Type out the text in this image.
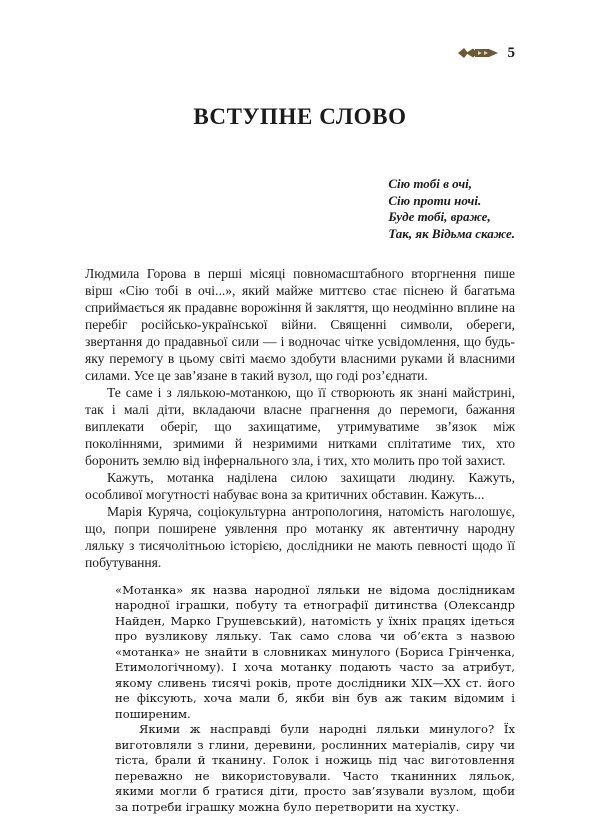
5
ВСТУПНЕ СЛОВО
Сію тобі в очі,
Сію проти ночі.
Буде тобі, враже,
Так, як Відьма скаже.

Людмила Горова в перші місяці повномасштабного вторгнення пише вірш «Сію тобі в очі...», який майже миттєво стає піснею й багатьма сприймається як прадавнє ворожіння й закляття, що неодмінно вплине на перебіг російсько-української війни. Священні символи, обереги, звертання до прадавньої сили — і водночас чітке усвідомлення, що будь-яку перемогу в цьому світі маємо здобути власними руками й власними силами. Усе це зав’язане в такий вузол, що годі роз’єднати.

Те саме і з лялькою-мотанкою, що її створюють як знані майстрині, так і малі діти, вкладаючи власне прагнення до перемоги, бажання виплекати оберіг, що захищатиме, утримуватиме зв’язок між поколіннями, зримими й незримими нитками сплітатиме тих, хто боронить землю від інфернального зла, і тих, хто молить про той захист.

Кажуть, мотанка наділена силою захищати людину. Кажуть, особливої могутності набуває вона за критичних обставин. Кажуть...

Марія Куряча, соціокультурна антропологиня, натомість наголошує, що, попри поширене уявлення про мотанку як автентичну народну ляльку з тисячолітньою історією, дослідники не мають певності щодо її побутування.

«Мотанка» як назва народної ляльки не відома дослідникам народної іграшки, побуту та етнографії дитинства (Олександр Найден, Марко Грушевський), натомість у їхніх працях ідеться про вузликову ляльку. Так само слова чи об’єкта з назвою «мотанка» не знайти в словниках минулого (Бориса Грінченка, Етимологічному). І хоча мотанку подають часто за атрибут, якому сливень тисячі років, проте дослідники XIX—XX ст. його не фіксують, хоча мали б, якби він був аж таким відомим і поширеним.

Якими ж насправді були народні ляльки минулого? Їх виготовляли з глини, деревини, рослинних матеріалів, сиру чи тіста, брали й тканину. Голок і ножиць під час виготовлення переважно не використовували. Часто тканинних ляльок, якими могли б гратися діти, просто зав’язували вузлом, щоби за потреби іграшку можна було перетворити на хустку.
